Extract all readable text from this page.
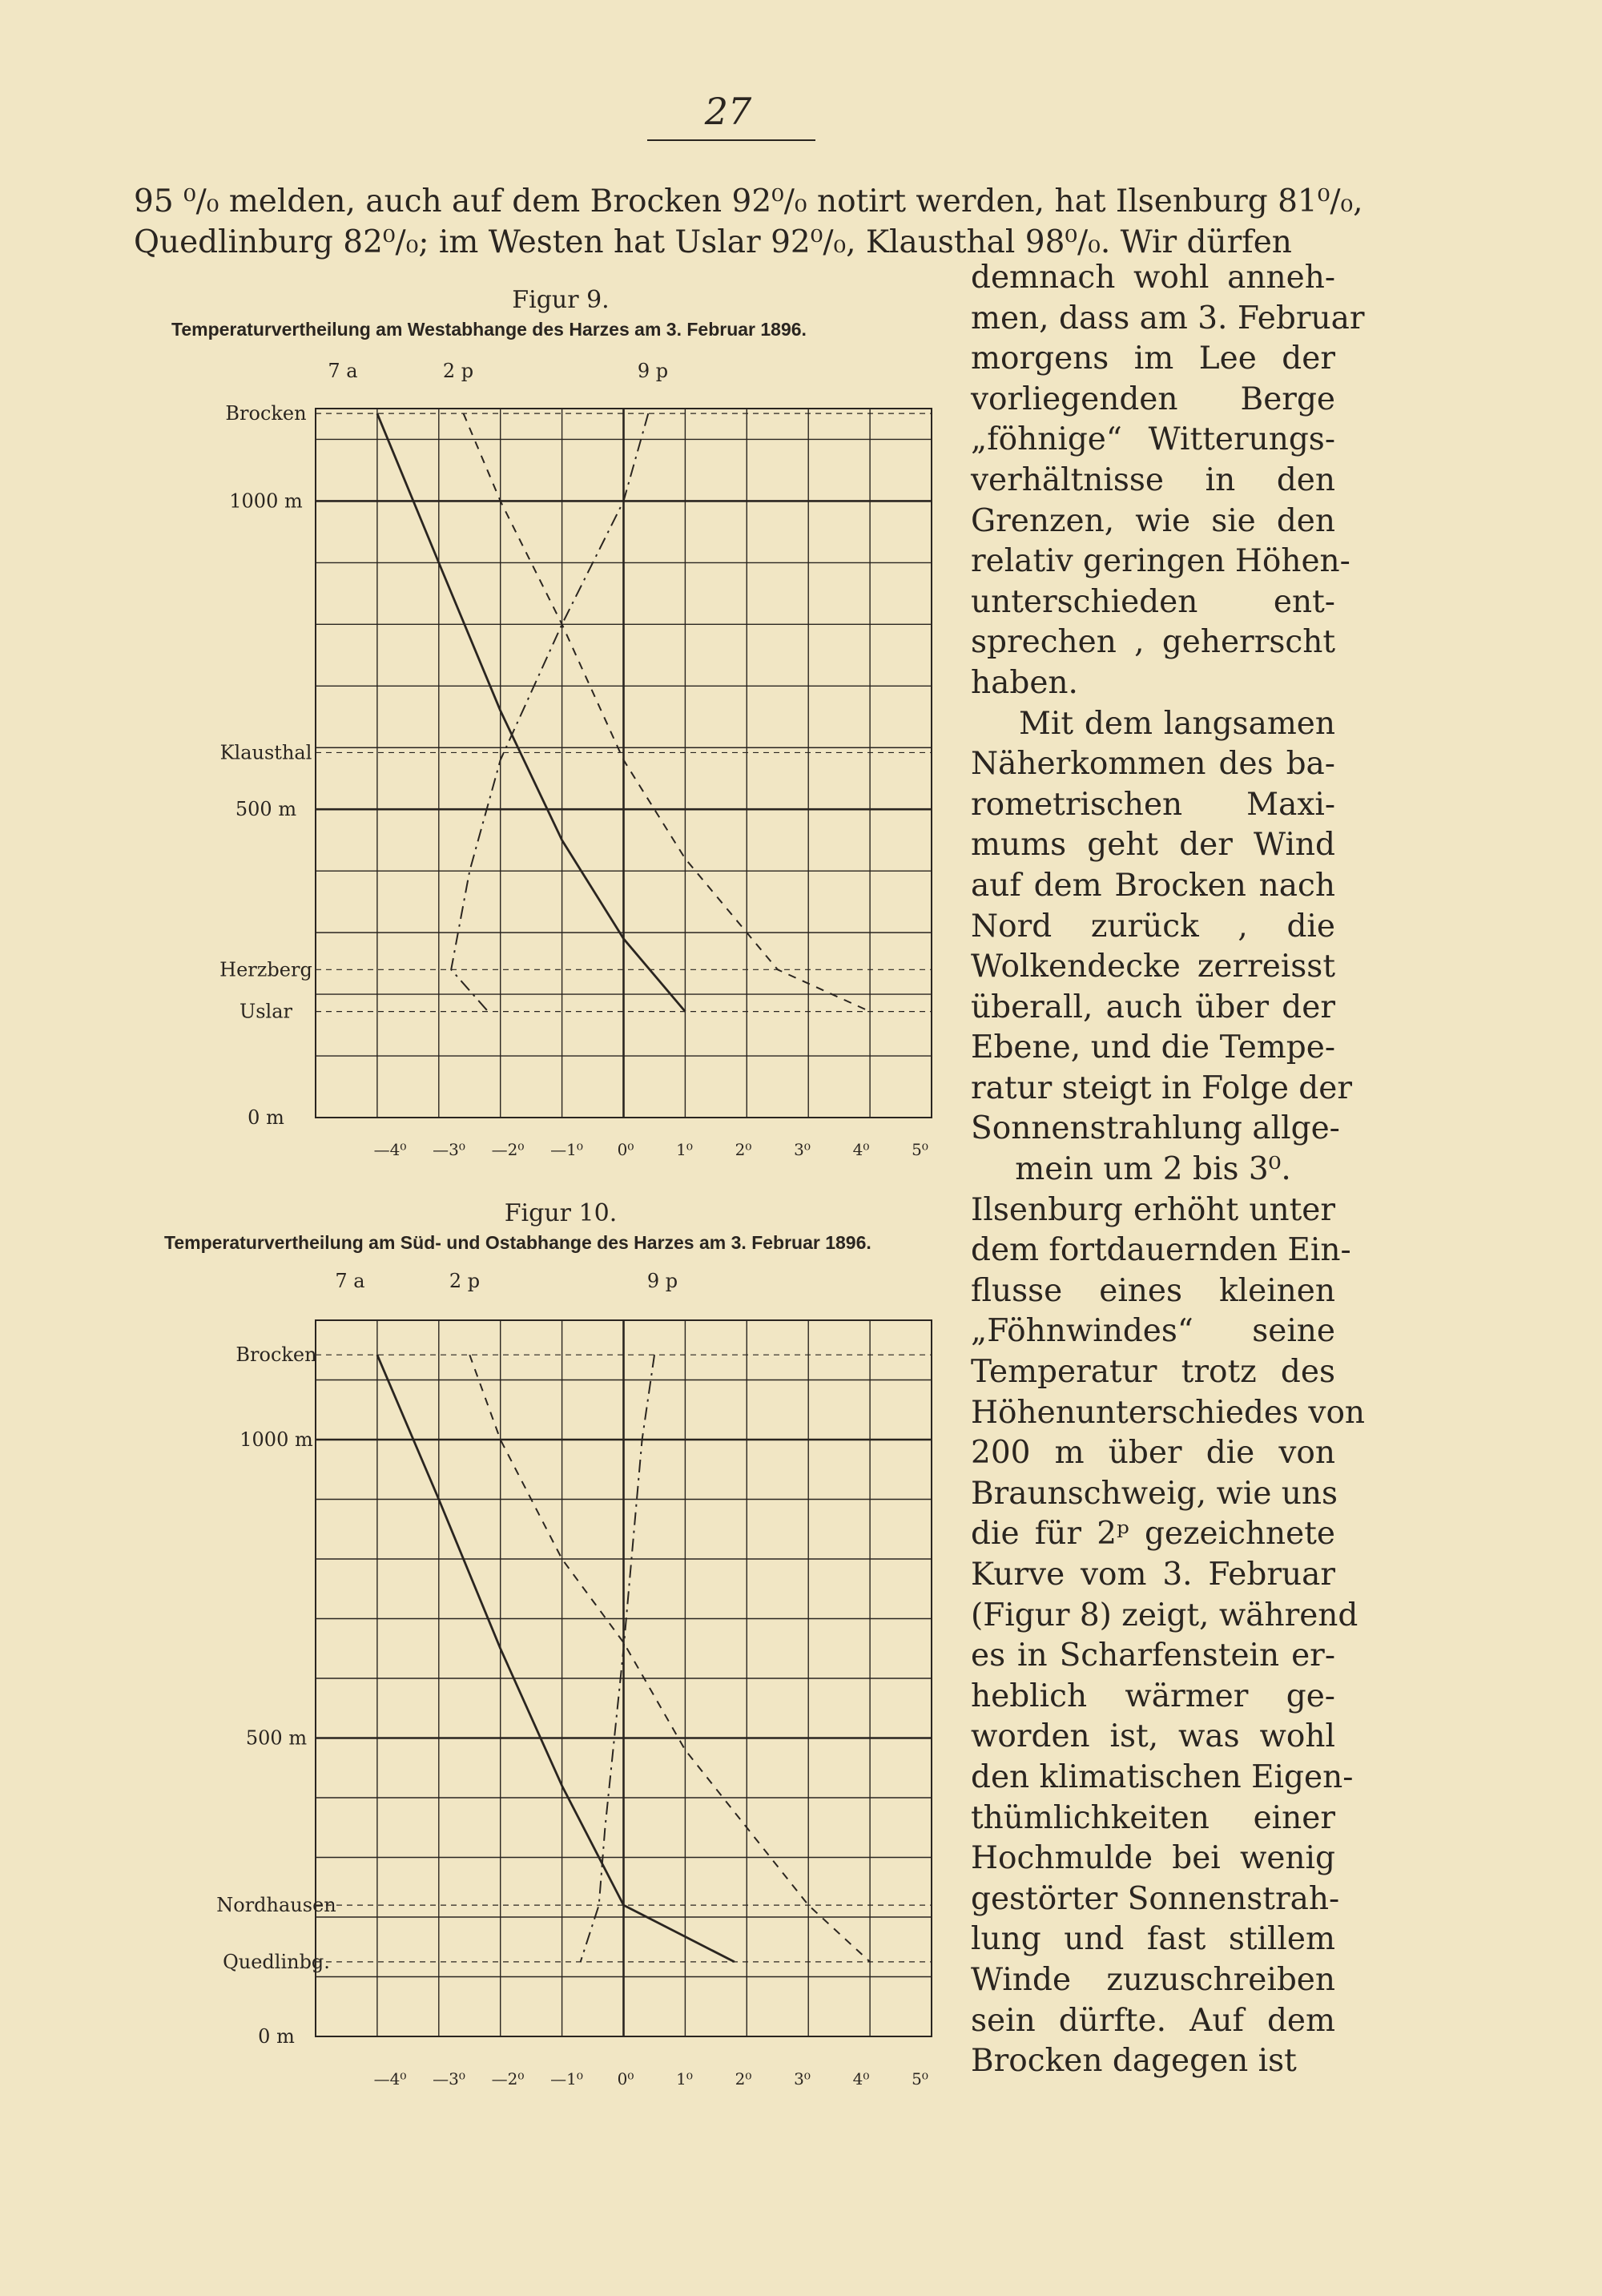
27
95 ⁰/₀ melden, auch auf dem Brocken 92⁰/₀ notirt werden, hat Ilsenburg 81⁰/₀,
Quedlinburg 82⁰/₀; im Westen hat Uslar 92⁰/₀, Klausthal 98⁰/₀. Wir dürfen
demnach wohl anneh-
men, dass am 3. Februar
morgens im Lee der
vorliegenden Berge
„föhnige“ Witterungs-
verhältnisse in den
Grenzen, wie sie den
relativ geringen Höhen-
unterschieden ent-
sprechen , geherrscht
haben.
Mit dem langsamen
Näherkommen des ba-
rometrischen Maxi-
mums geht der Wind
auf dem Brocken nach
Nord zurück , die
Wolkendecke zerreisst
überall, auch über der
Ebene, und die Tempe-
ratur steigt in Folge der
Sonnenstrahlung allge-
mein um 2 bis 3⁰.
Ilsenburg erhöht unter
dem fortdauernden Ein-
flusse eines kleinen
„Föhnwindes“ seine
Temperatur trotz des
Höhenunterschiedes von
200 m über die von
Braunschweig, wie uns
die für 2ᵖ gezeichnete
Kurve vom 3. Februar
(Figur 8) zeigt, während
es in Scharfenstein er-
heblich wärmer ge-
worden ist, was wohl
den klimatischen Eigen-
thümlichkeiten einer
Hochmulde bei wenig
gestörter Sonnenstrah-
lung und fast stillem
Winde zuzuschreiben
sein dürfte. Auf dem
Brocken dagegen ist
Figur 9.
Temperaturvertheilung am Westabhange des Harzes am 3. Februar 1896.
Figur 10.
Temperaturvertheilung am Süd- und Ostabhange des Harzes am 3. Februar 1896.
Brocken
1000 m
Klausthal
500 m
Herzberg
Uslar
0 m
7 a	2 p	9 p
—4⁰ —3⁰ —2⁰ —1⁰ 0⁰	1⁰	2⁰	3⁰	4⁰	5⁰
Brocken
1000 m
500 m
Nordhausen
Quedlinbg.
0 m
7 a	2 p	9 p
—4⁰ —3⁰ —2⁰ —1⁰ 0⁰	1⁰	2⁰	3⁰	4⁰	5⁰
